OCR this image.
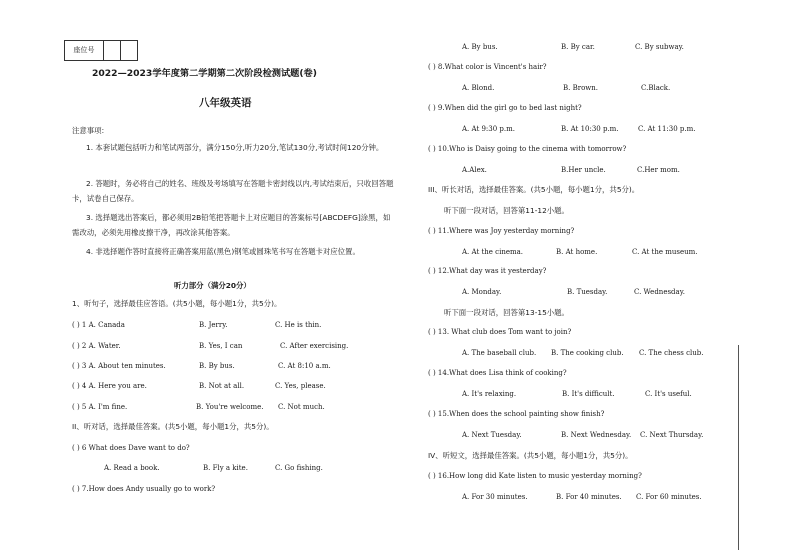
座位号
2022—2023学年度第二学期第二次阶段检测试题(卷)
八年级英语
注意事项:
1. 本套试题包括听力和笔试两部分，满分150分,听力20分,笔试130分,考试时间120分钟。
2. 答题时，务必将自己的姓名、班级及考场填写在答题卡密封线以内,考试结束后，只收回答题卡，试卷自己保存。
3. 选择题选出答案后，都必须用2B铅笔把答题卡上对应题目的答案标号[ABCDEFG]涂黑，如需改动，必须先用橡皮擦干净，再改涂其他答案。
4. 非选择题作答时直接将正确答案用蓝(黑色)钢笔或圆珠笔书写在答题卡对应位置。
听力部分（满分20分）
1、听句子，选择最佳应答语。(共5小题，每小题1分，共5分)。
( ) 1 A. Canada	B. Jerry.	C. He is thin.
( ) 2 A. Water.	B. Yes, I can	C. After exercising.
( ) 3 A. About ten minutes.	B. By bus.	C. At 8:10 a.m.
( ) 4 A. Here you are.	B. Not at all.	C. Yes, please.
( ) 5 A. I'm fine.	B. You're welcome. C. Not much.
II、听对话，选择最佳答案。(共5小题，每小题1分，共5分)。
( ) 6 What does Dave want to do?
A. Read a book.	B. Fly a kite.	C. Go fishing.
( ) 7.How does Andy usually go to work?
A. By bus.	B. By car.	C. By subway.
( ) 8.What color is Vincent's hair?
A. Blond.	B. Brown.	C.Black.
( ) 9.When did the girl go to bed last night?
A. At 9:30 p.m.	B. At 10:30 p.m.	C. At 11:30 p.m.
( ) 10.Who is Daisy going to the cinema with tomorrow?
A.Alex.	B.Her uncle.	C.Her mom.
III、听长对话，选择最佳答案。(共5小题，每小题1分，共5分)。
听下面一段对话，回答第11-12小题。
( ) 11.Where was Joy yesterday morning?
A. At the cinema.	B. At home.	C. At the museum.
( ) 12.What day was it yesterday?
A. Monday.	B. Tuesday.	C. Wednesday.
听下面一段对话，回答第13-15小题。
( ) 13. What club does Tom want to join?
A. The baseball club. B. The cooking club. C. The chess club.
( ) 14.What does Lisa think of cooking?
A. It's relaxing.	B. It's difficult.	C. It's useful.
( ) 15.When does the school painting show finish?
A. Next Tuesday.	B. Next Wednesday. C. Next Thursday.
IV、听短文，选择最佳答案。(共5小题，每小题1分，共5分)。
( ) 16.How long did Kate listen to music yesterday morning?
A. For 30 minutes.	B. For 40 minutes. C. For 60 minutes.
